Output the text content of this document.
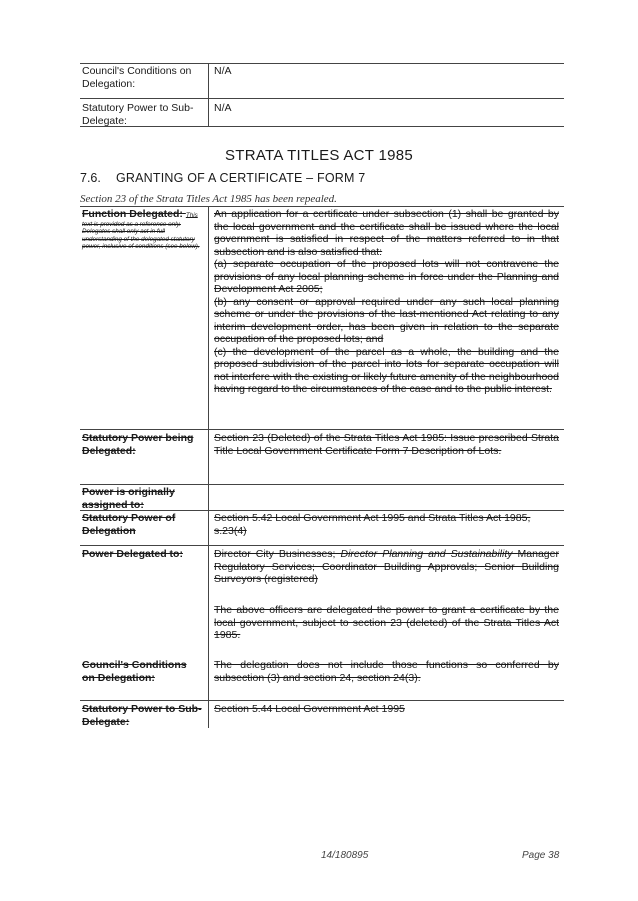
Council's Conditions on Delegation:
N/A
Statutory Power to Sub-Delegate:
N/A
STRATA TITLES ACT 1985
7.6. GRANTING OF A CERTIFICATE – FORM 7
Section 23 of the Strata Titles Act 1985 has been repealed.
Function Delegated: This
text is provided as a reference only. Delegates shall only act in full understanding of the delegated statutory power, inclusive of conditions (see below).

An application for a certificate under subsection (1) shall be granted by the local government and the certificate shall be issued where the local government is satisfied in respect of the matters referred to in that subsection and is also satisfied that:

(a) separate occupation of the proposed lots will not contravene the provisions of any local planning scheme in force under the Planning and Development Act 2005;

(b) any consent or approval required under any such local planning scheme or under the provisions of the last-mentioned Act relating to any interim development order, has been given in relation to the separate occupation of the proposed lots; and

(c) the development of the parcel as a whole, the building and the proposed subdivision of the parcel into lots for separate occupation will not interfere with the existing or likely future amenity of the neighbourhood having regard to the circumstances of the case and to the public interest.

Statutory Power being Delegated:
Section 23 (Deleted) of the Strata Titles Act 1985: Issue prescribed Strata Title Local Government Certificate Form 7 Description of Lots.
Power is originally assigned to:
Statutory Power of Delegation
Section 5.42 Local Government Act 1995 and Strata Titles Act 1985, s.23(4)
Power Delegated to:	Director City Businesses; Director Planning and Sustainability Manager Regulatory Services; Coordinator Building Approvals; Senior Building Surveyors (registered)
The above officers are delegated the power to grant a certificate by the local government, subject to section 23 (deleted) of the Strata Titles Act 1985.
Council's Conditions on Delegation:
The delegation does not include those functions so conferred by subsection (3) and section 24, section 24(3).
Statutory Power to Sub-Delegate:
Section 5.44 Local Government Act 1995
14/180895	Page 38
